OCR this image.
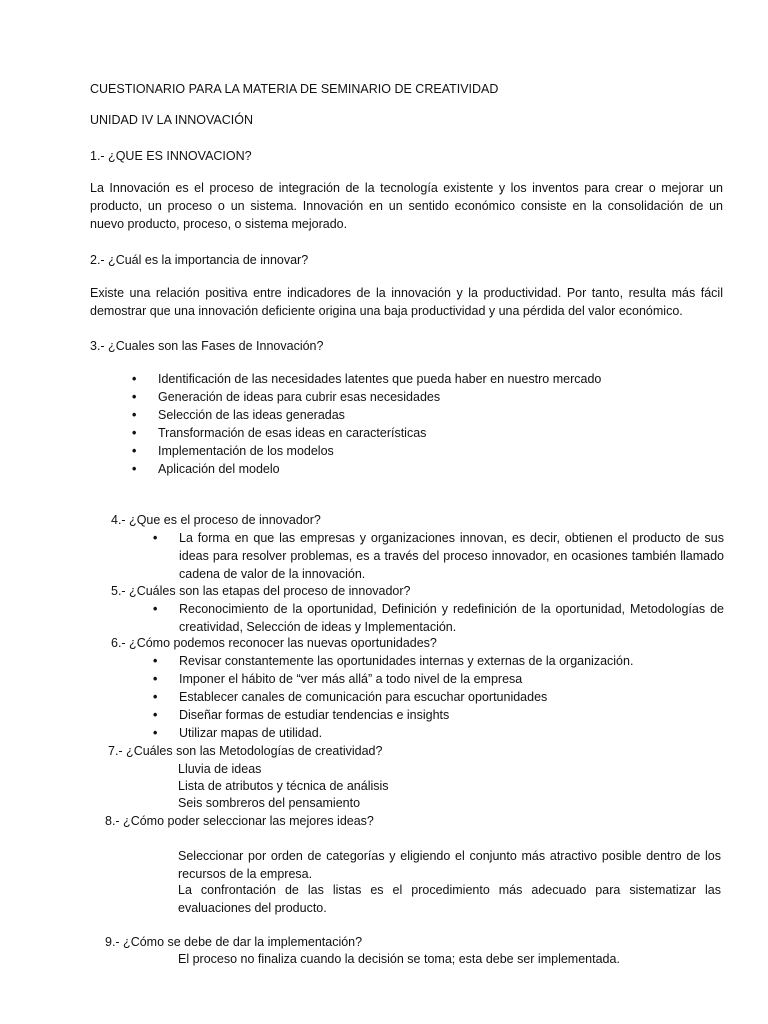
CUESTIONARIO PARA LA MATERIA DE SEMINARIO DE CREATIVIDAD
UNIDAD IV LA INNOVACIÓN
1.- ¿QUE ES INNOVACION?
La Innovación es el proceso de integración de la tecnología existente y los inventos para crear o mejorar un producto, un proceso o un sistema. Innovación en un sentido económico consiste en la consolidación de un nuevo producto, proceso, o sistema mejorado.
2.- ¿Cuál es la importancia de innovar?
Existe una relación positiva entre indicadores de la innovación y la productividad. Por tanto, resulta más fácil demostrar que una innovación deficiente origina una baja productividad y una pérdida del valor económico.
3.- ¿Cuales son las Fases de Innovación?
• Identificación de las necesidades latentes que pueda haber en nuestro mercado
• Generación de ideas para cubrir esas necesidades
• Selección de las ideas generadas
• Transformación de esas ideas en características
• Implementación de los modelos
• Aplicación del modelo
4.- ¿Que es el proceso de innovador?
• La forma en que las empresas y organizaciones innovan, es decir, obtienen el producto de sus ideas para resolver problemas, es a través del proceso innovador, en ocasiones también llamado cadena de valor de la innovación.
5.- ¿Cuáles son las etapas del proceso de innovador?
• Reconocimiento de la oportunidad, Definición y redefinición de la oportunidad, Metodologías de creatividad, Selección de ideas y Implementación.
6.- ¿Cómo podemos reconocer las nuevas oportunidades?
• Revisar constantemente las oportunidades internas y externas de la organización.
• Imponer el hábito de “ver más allá” a todo nivel de la empresa
• Establecer canales de comunicación para escuchar oportunidades
• Diseñar formas de estudiar tendencias e insights
• Utilizar mapas de utilidad.
7.- ¿Cuáles son las Metodologías de creatividad?
Lluvia de ideas
Lista de atributos y técnica de análisis
Seis sombreros del pensamiento
8.- ¿Cómo poder seleccionar las mejores ideas?
Seleccionar por orden de categorías y eligiendo el conjunto más atractivo posible dentro de los recursos de la empresa.
La confrontación de las listas es el procedimiento más adecuado para sistematizar las evaluaciones del producto.
9.- ¿Cómo se debe de dar la implementación?
El proceso no finaliza cuando la decisión se toma; esta debe ser implementada.
